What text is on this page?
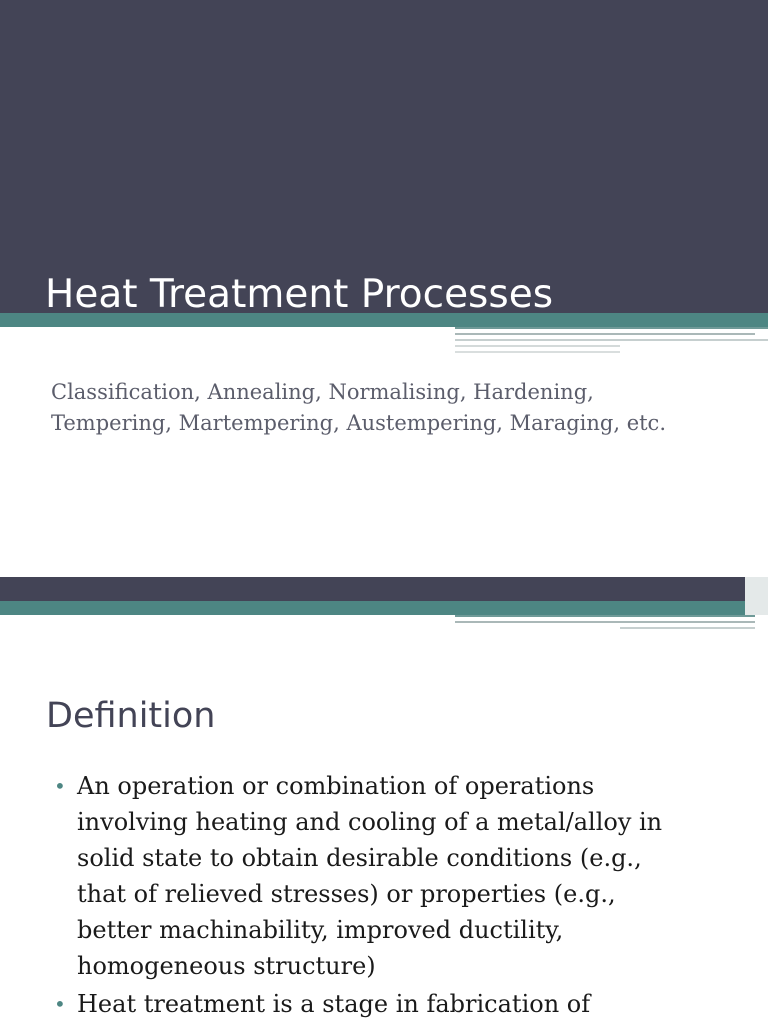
Heat Treatment Processes
Classification, Annealing, Normalising, Hardening,
Tempering, Martempering, Austempering, Maraging, etc.
Definition
• An operation or combination of operations
involving heating and cooling of a metal/alloy in
solid state to obtain desirable conditions (e.g.,
that of relieved stresses) or properties (e.g.,
better machinability, improved ductility,
homogeneous structure)
• Heat treatment is a stage in fabrication of
